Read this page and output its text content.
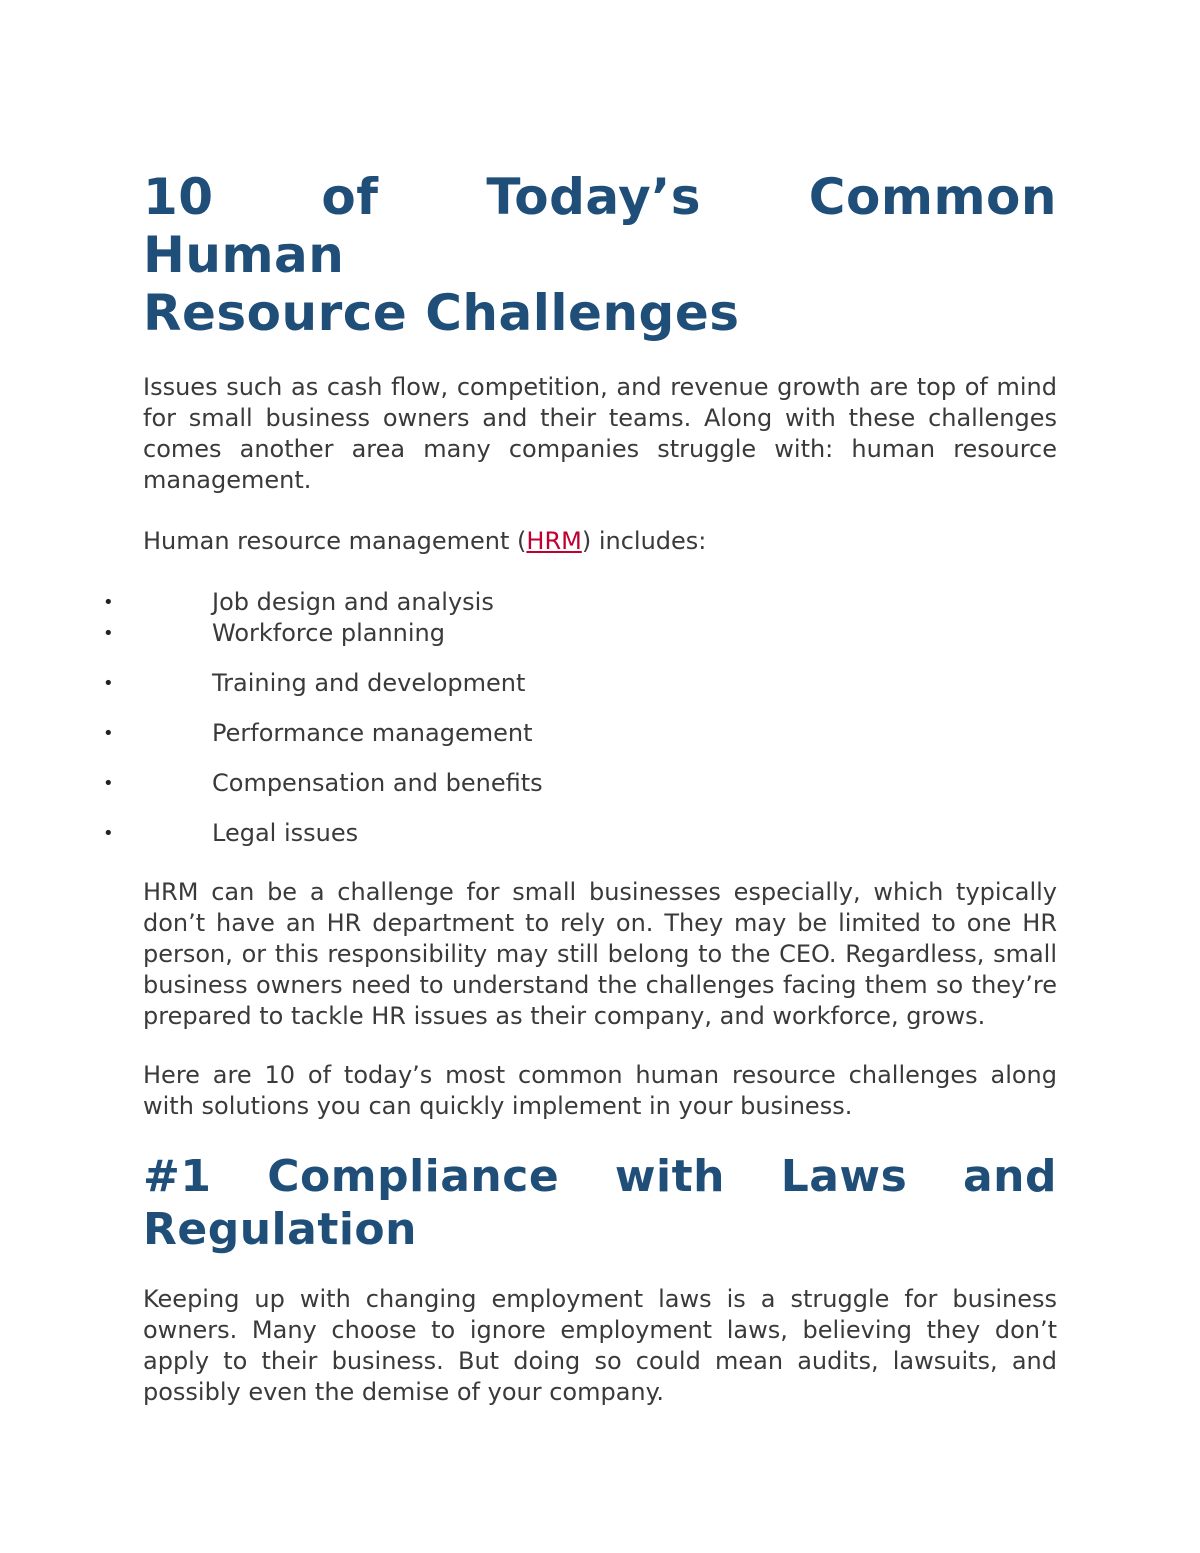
10 of Today’s Common Human
Resource Challenges

Issues such as cash flow, competition, and revenue growth are top of mind for small business owners and their teams. Along with these challenges comes another area many companies struggle with: human resource management.

Human resource management (HRM) includes:

•	Job design and analysis
•	Workforce planning
•	Training and development
•	Performance management
•	Compensation and benefits
•	Legal issues

HRM can be a challenge for small businesses especially, which typically don’t have an HR department to rely on. They may be limited to one HR person, or this responsibility may still belong to the CEO. Regardless, small business owners need to understand the challenges facing them so they’re prepared to tackle HR issues as their company, and workforce, grows.

Here are 10 of today’s most common human resource challenges along with solutions you can quickly implement in your business.

#1 Compliance with Laws and Regulation

Keeping up with changing employment laws is a struggle for business owners. Many choose to ignore employment laws, believing they don’t apply to their business. But doing so could mean audits, lawsuits, and possibly even the demise of your company.
